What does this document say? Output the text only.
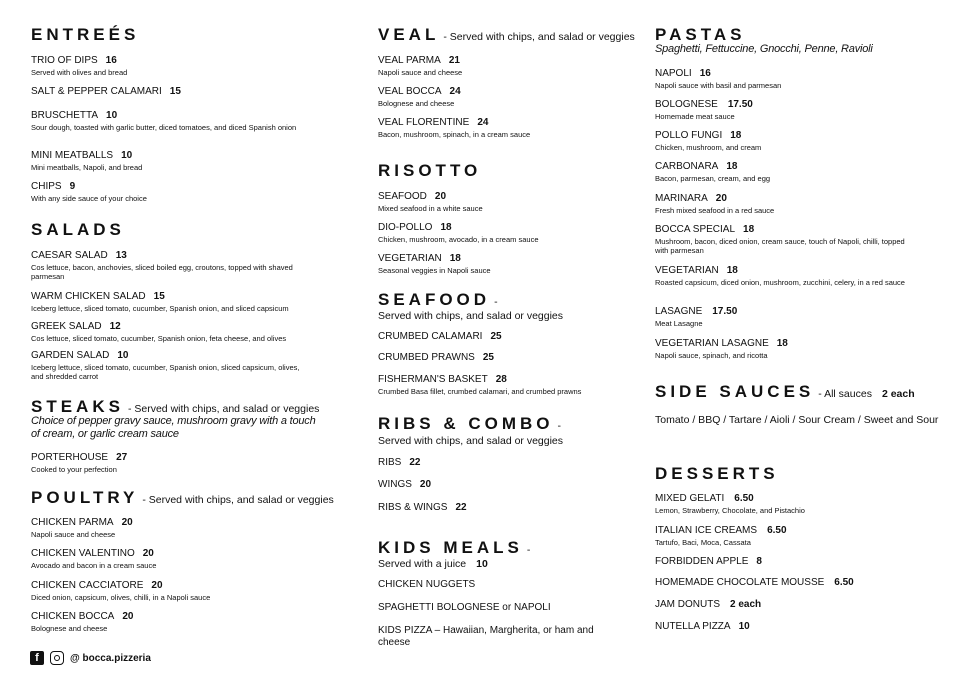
ENTREÉS
TRIO OF DIPS 16
Served with olives and bread
SALT & PEPPER CALAMARI 15
BRUSCHETTA 10
Sour dough, toasted with garlic butter, diced tomatoes, and diced Spanish onion
MINI MEATBALLS 10
Mini meatballs, Napoli, and bread
CHIPS 9
With any side sauce of your choice
SALADS
CAESAR SALAD 13
Cos lettuce, bacon, anchovies, sliced boiled egg, croutons, topped with shaved parmesan
WARM CHICKEN SALAD 15
Iceberg lettuce, sliced tomato, cucumber, Spanish onion, and sliced capsicum
GREEK SALAD 12
Cos lettuce, sliced tomato, cucumber, Spanish onion, feta cheese, and olives
GARDEN SALAD 10
Iceberg lettuce, sliced tomato, cucumber, Spanish onion, sliced capsicum, olives, and shredded carrot
STEAKS - Served with chips, and salad or veggies
Choice of pepper gravy sauce, mushroom gravy with a touch of cream, or garlic cream sauce
PORTERHOUSE 27
Cooked to your perfection
POULTRY - Served with chips, and salad or veggies
CHICKEN PARMA 20
Napoli sauce and cheese
CHICKEN VALENTINO 20
Avocado and bacon in a cream sauce
CHICKEN CACCIATORE 20
Diced onion, capsicum, olives, chilli, in a Napoli sauce
CHICKEN BOCCA 20
Bolognese and cheese
VEAL - Served with chips, and salad or veggies
VEAL PARMA 21
Napoli sauce and cheese
VEAL BOCCA 24
Bolognese and cheese
VEAL FLORENTINE 24
Bacon, mushroom, spinach, in a cream sauce
RISOTTO
SEAFOOD 20
Mixed seafood in a white sauce
DIO-POLLO 18
Chicken, mushroom, avocado, in a cream sauce
VEGETARIAN 18
Seasonal veggies in Napoli sauce
SEAFOOD -
Served with chips, and salad or veggies
CRUMBED CALAMARI 25
CRUMBED PRAWNS 25
FISHERMAN'S BASKET 28
Crumbed Basa fillet, crumbed calamari, and crumbed prawns
RIBS & COMBO -
Served with chips, and salad or veggies
RIBS 22
WINGS 20
RIBS & WINGS 22
KIDS MEALS -
Served with a juice 10
CHICKEN NUGGETS
SPAGHETTI BOLOGNESE or NAPOLI
KIDS PIZZA – Hawaiian, Margherita, or ham and cheese
PASTAS
Spaghetti, Fettuccine, Gnocchi, Penne, Ravioli
NAPOLI 16
Napoli sauce with basil and parmesan
BOLOGNESE 17.50
Homemade meat sauce
POLLO FUNGI 18
Chicken, mushroom, and cream
CARBONARA 18
Bacon, parmesan, cream, and egg
MARINARA 20
Fresh mixed seafood in a red sauce
BOCCA SPECIAL 18
Mushroom, bacon, diced onion, cream sauce, touch of Napoli, chilli, topped with parmesan
VEGETARIAN 18
Roasted capsicum, diced onion, mushroom, zucchini, celery, in a red sauce
LASAGNE 17.50
Meat Lasagne
VEGETARIAN LASAGNE 18
Napoli sauce, spinach, and ricotta
SIDE SAUCES - All sauces 2 each
Tomato / BBQ / Tartare / Aioli / Sour Cream / Sweet and Sour
DESSERTS
MIXED GELATI 6.50
Lemon, Strawberry, Chocolate, and Pistachio
ITALIAN ICE CREAMS 6.50
Tartufo, Baci, Moca, Cassata
FORBIDDEN APPLE 8
HOMEMADE CHOCOLATE MOUSSE 6.50
JAM DONUTS 2 each
NUTELLA PIZZA 10
f	@ bocca.pizzeria
